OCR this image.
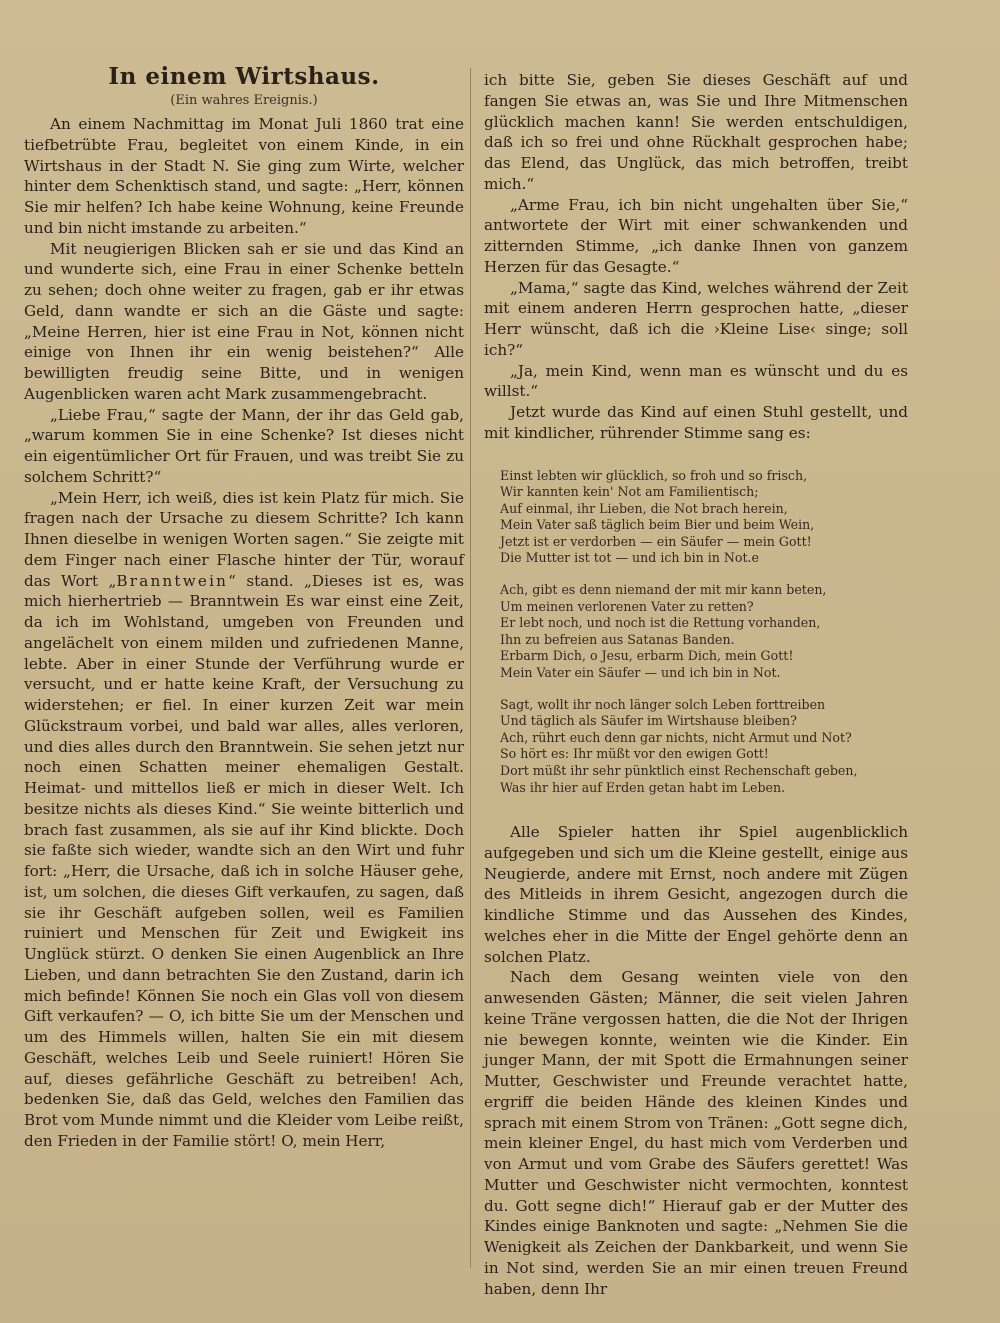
In einem Wirtshaus.
(Ein wahres Ereignis.)

An einem Nachmittag im Monat Juli 1860 trat eine tiefbetrübte Frau, begleitet von einem Kinde, in ein Wirtshaus in der Stadt N. Sie ging zum Wirte, welcher hinter dem Schenktisch stand, und sagte: „Herr, können Sie mir helfen? Ich habe keine Wohnung, keine Freunde und bin nicht imstande zu arbeiten.“

Mit neugierigen Blicken sah er sie und das Kind an und wunderte sich, eine Frau in einer Schenke betteln zu sehen; doch ohne weiter zu fragen, gab er ihr etwas Geld, dann wandte er sich an die Gäste und sagte: „Meine Herren, hier ist eine Frau in Not, können nicht einige von Ihnen ihr ein wenig beistehen?“ Alle bewilligten freudig seine Bitte, und in wenigen Augenblicken waren acht Mark zusammengebracht.

„Liebe Frau,“ sagte der Mann, der ihr das Geld gab, „warum kommen Sie in eine Schenke? Ist dieses nicht ein eigentümlicher Ort für Frauen, und was treibt Sie zu solchem Schritt?“

„Mein Herr, ich weiß, dies ist kein Platz für mich. Sie fragen nach der Ursache zu diesem Schritte? Ich kann Ihnen dieselbe in wenigen Worten sagen.“ Sie zeigte mit dem Finger nach einer Flasche hinter der Tür, worauf das Wort „Branntwein“ stand. „Dieses ist es, was mich hierhertrieb — Branntwein Es war einst eine Zeit, da ich im Wohlstand, umgeben von Freunden und angelächelt von einem milden und zufriedenen Manne, lebte. Aber in einer Stunde der Verführung wurde er versucht, und er hatte keine Kraft, der Versuchung zu widerstehen; er fiel. In einer kurzen Zeit war mein Glückstraum vorbei, und bald war alles, alles verloren, und dies alles durch den Branntwein. Sie sehen jetzt nur noch einen Schatten meiner ehemaligen Gestalt. Heimat- und mittellos ließ er mich in dieser Welt. Ich besitze nichts als dieses Kind.“ Sie weinte bitterlich und brach fast zusammen, als sie auf ihr Kind blickte. Doch sie faßte sich wieder, wandte sich an den Wirt und fuhr fort: „Herr, die Ursache, daß ich in solche Häuser gehe, ist, um solchen, die dieses Gift verkaufen, zu sagen, daß sie ihr Geschäft aufgeben sollen, weil es Familien ruiniert und Menschen für Zeit und Ewigkeit ins Unglück stürzt. O denken Sie einen Augenblick an Ihre Lieben, und dann betrachten Sie den Zustand, darin ich mich befinde! Können Sie noch ein Glas voll von diesem Gift verkaufen? — O, ich bitte Sie um der Menschen und um des Himmels willen, halten Sie ein mit diesem Geschäft, welches Leib und Seele ruiniert! Hören Sie auf, dieses gefährliche Geschäft zu betreiben! Ach, bedenken Sie, daß das Geld, welches den Familien das Brot vom Munde nimmt und die Kleider vom Leibe reißt, den Frieden in der Familie stört! O, mein Herr,

ich bitte Sie, geben Sie dieses Geschäft auf und fangen Sie etwas an, was Sie und Ihre Mitmenschen glücklich machen kann! Sie werden entschuldigen, daß ich so frei und ohne Rückhalt gesprochen habe; das Elend, das Unglück, das mich betroffen, treibt mich.“

„Arme Frau, ich bin nicht ungehalten über Sie,“ antwortete der Wirt mit einer schwankenden und zitternden Stimme, „ich danke Ihnen von ganzem Herzen für das Gesagte.“

„Mama,“ sagte das Kind, welches während der Zeit mit einem anderen Herrn gesprochen hatte, „dieser Herr wünscht, daß ich die ›Kleine Lise‹ singe; soll ich?“

„Ja, mein Kind, wenn man es wünscht und du es willst.“

Jetzt wurde das Kind auf einen Stuhl gestellt, und mit kindlicher, rührender Stimme sang es:

Einst lebten wir glücklich, so froh und so frisch,
Wir kannten kein' Not am Familientisch;
Auf einmal, ihr Lieben, die Not brach herein,
Mein Vater saß täglich beim Bier und beim Wein,
Jetzt ist er verdorben — ein Säufer — mein Gott!
Die Mutter ist tot — und ich bin in Not.e
Ach, gibt es denn niemand der mit mir kann beten,
Um meinen verlorenen Vater zu retten?
Er lebt noch, und noch ist die Rettung vorhanden,
Ihn zu befreien aus Satanas Banden.
Erbarm Dich, o Jesu, erbarm Dich, mein Gott!
Mein Vater ein Säufer — und ich bin in Not.
Sagt, wollt ihr noch länger solch Leben forttreiben
Und täglich als Säufer im Wirtshause bleiben?
Ach, rührt euch denn gar nichts, nicht Armut und Not?
So hört es: Ihr müßt vor den ewigen Gott!
Dort müßt ihr sehr pünktlich einst Rechenschaft geben,
Was ihr hier auf Erden getan habt im Leben.

Alle Spieler hatten ihr Spiel augenblicklich aufgegeben und sich um die Kleine gestellt, einige aus Neugierde, andere mit Ernst, noch andere mit Zügen des Mitleids in ihrem Gesicht, angezogen durch die kindliche Stimme und das Aussehen des Kindes, welches eher in die Mitte der Engel gehörte denn an solchen Platz.

Nach dem Gesang weinten viele von den anwesenden Gästen; Männer, die seit vielen Jahren keine Träne vergossen hatten, die die Not der Ihrigen nie bewegen konnte, weinten wie die Kinder. Ein junger Mann, der mit Spott die Ermahnungen seiner Mutter, Geschwister und Freunde verachtet hatte, ergriff die beiden Hände des kleinen Kindes und sprach mit einem Strom von Tränen: „Gott segne dich, mein kleiner Engel, du hast mich vom Verderben und von Armut und vom Grabe des Säufers gerettet! Was Mutter und Geschwister nicht vermochten, konntest du. Gott segne dich!“ Hierauf gab er der Mutter des Kindes einige Banknoten und sagte: „Nehmen Sie die Wenigkeit als Zeichen der Dankbarkeit, und wenn Sie in Not sind, werden Sie an mir einen treuen Freund haben, denn Ihr
